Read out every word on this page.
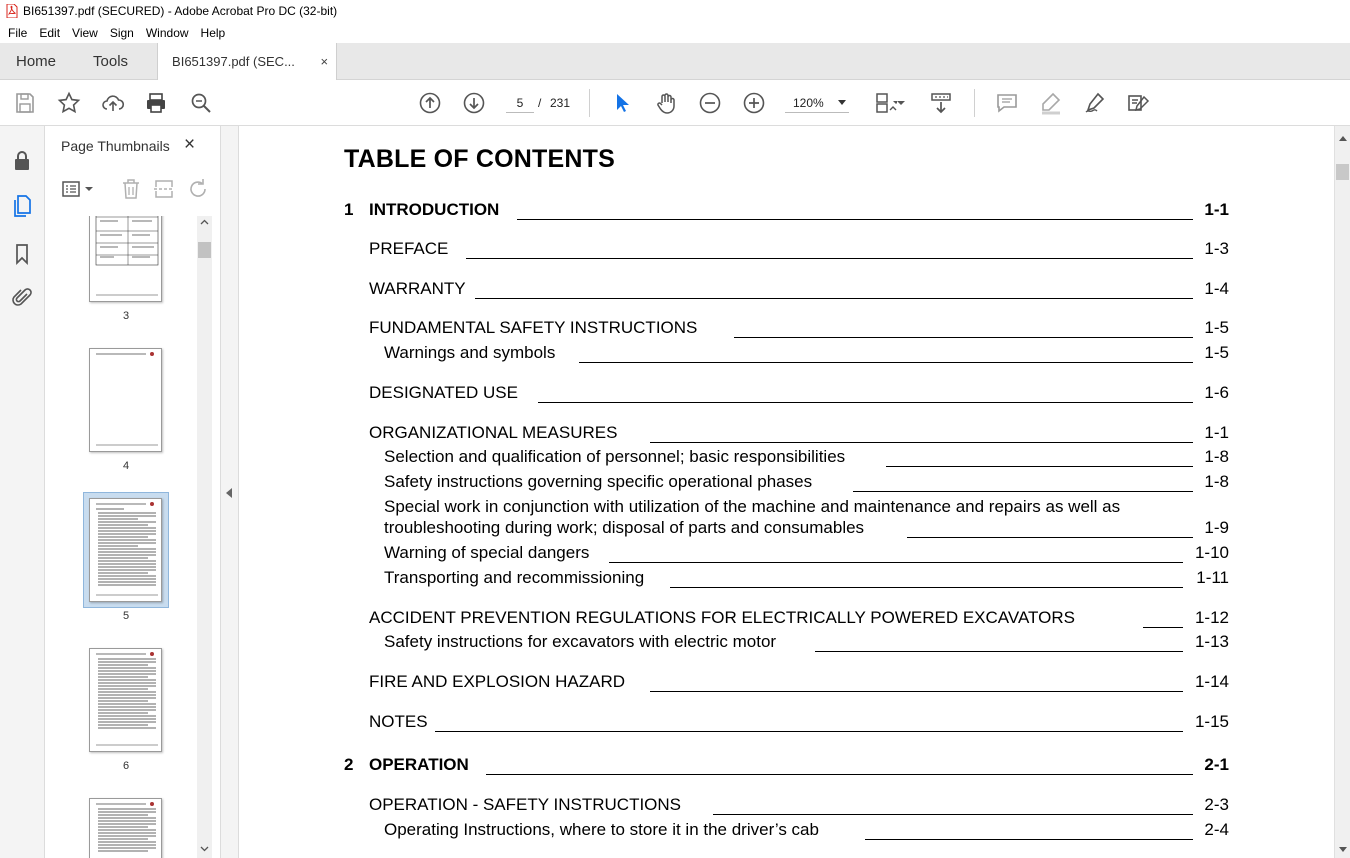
BI651397.pdf (SECURED) - Adobe Acrobat Pro DC (32-bit)
File	Edit	View	Sign	Window	Help
Home	Tools	BI651397.pdf (SEC... ×
5	/ 231	120%
Page Thumbnails ×
3
4
5
6
TABLE OF CONTENTS
1 INTRODUCTION	1-1
PREFACE	1-3
WARRANTY	1-4
FUNDAMENTAL SAFETY INSTRUCTIONS	1-5
Warnings and symbols	1-5
DESIGNATED USE	1-6
ORGANIZATIONAL MEASURES	1-1
Selection and qualification of personnel; basic responsibilities	1-8
Safety instructions governing specific operational phases	1-8
Special work in conjunction with utilization of the machine and maintenance and repairs as well as
troubleshooting during work; disposal of parts and consumables	1-9
Warning of special dangers	1-10
Transporting and recommissioning	1-11
ACCIDENT PREVENTION REGULATIONS FOR ELECTRICALLY POWERED EXCAVATORS	1-12
Safety instructions for excavators with electric motor	1-13
FIRE AND EXPLOSION HAZARD	1-14
NOTES	1-15
2 OPERATION	2-1
OPERATION - SAFETY INSTRUCTIONS	2-3
Operating Instructions, where to store it in the driver’s cab	2-4
